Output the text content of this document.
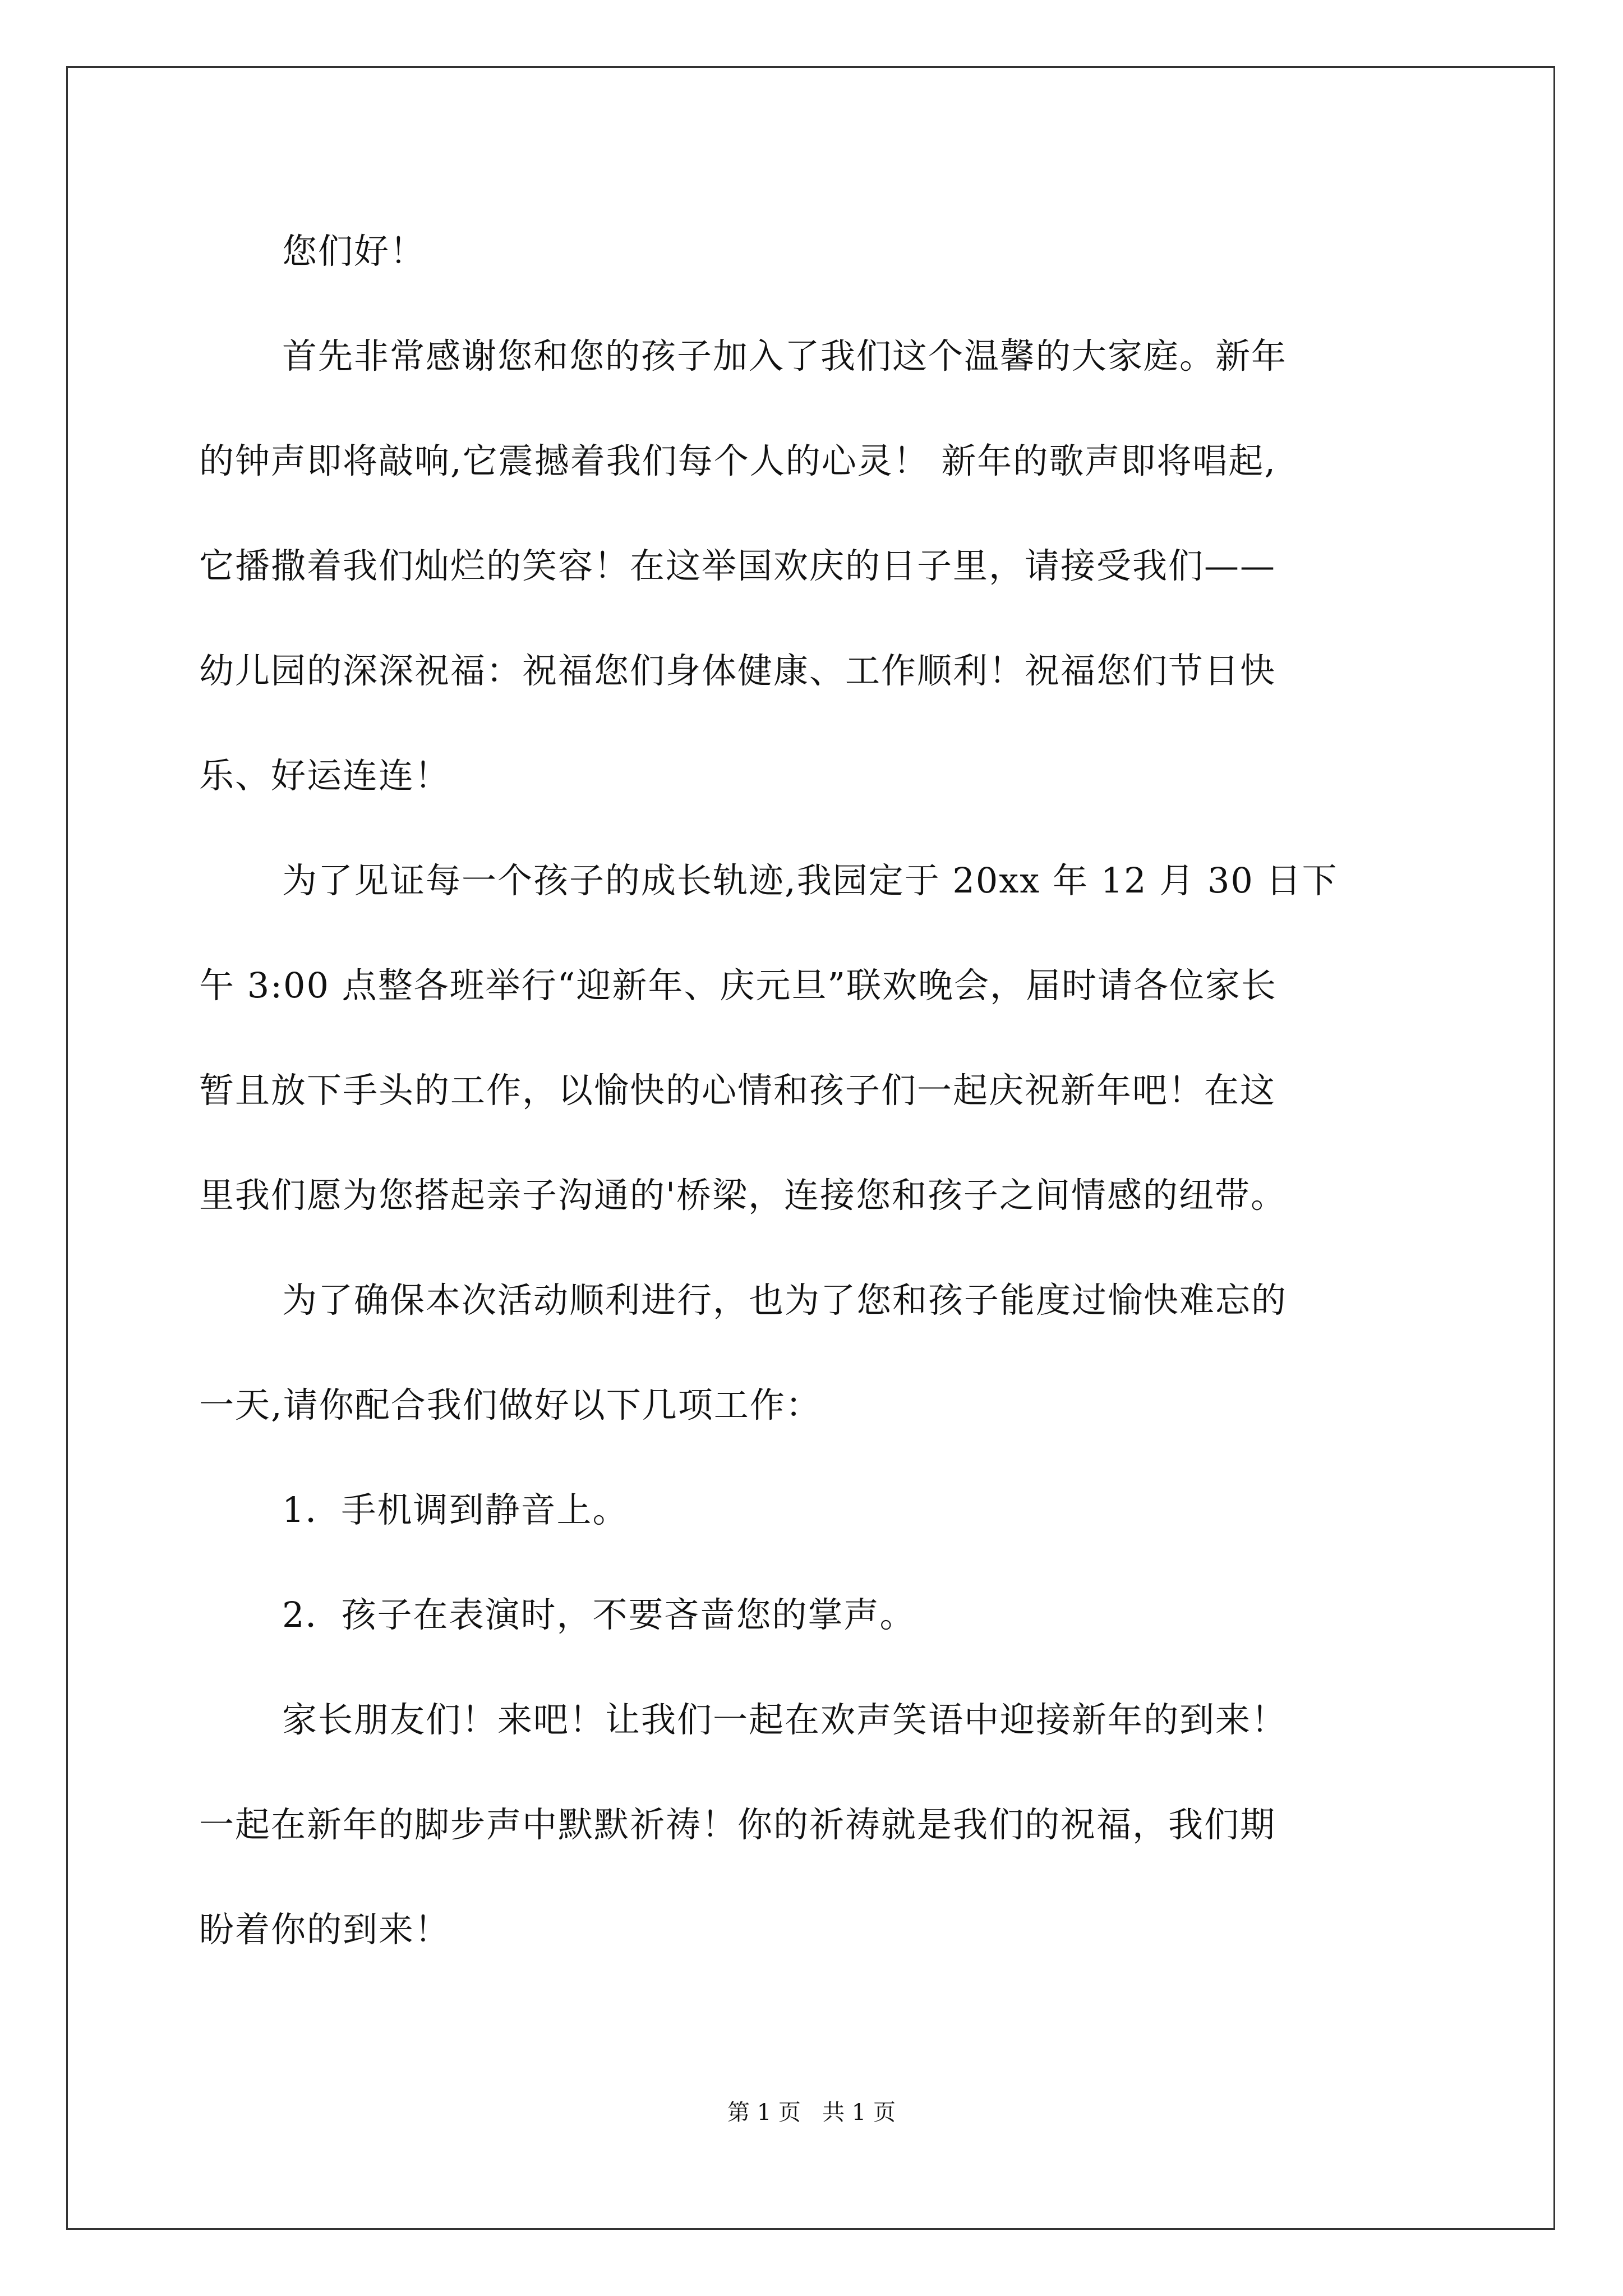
您们好！
首先非常感谢您和您的孩子加入了我们这个温馨的大家庭。新年
的钟声即将敲响,它震撼着我们每个人的心灵！ 新年的歌声即将唱起,
它播撒着我们灿烂的笑容！在这举国欢庆的日子里，请接受我们——
幼儿园的深深祝福：祝福您们身体健康、工作顺利！祝福您们节日快
乐、好运连连！
为了见证每一个孩子的成长轨迹,我园定于 20xx 年 12 月 30 日下
午 3:00 点整各班举行“迎新年、庆元旦”联欢晚会，届时请各位家长
暂且放下手头的工作，以愉快的心情和孩子们一起庆祝新年吧！在这
里我们愿为您搭起亲子沟通的'桥梁，连接您和孩子之间情感的纽带。
为了确保本次活动顺利进行，也为了您和孩子能度过愉快难忘的
一天,请你配合我们做好以下几项工作：
1．手机调到静音上。
2．孩子在表演时，不要吝啬您的掌声。
家长朋友们！来吧！让我们一起在欢声笑语中迎接新年的到来！
一起在新年的脚步声中默默祈祷！你的祈祷就是我们的祝福，我们期
盼着你的到来！
第 1 页   共 1 页
